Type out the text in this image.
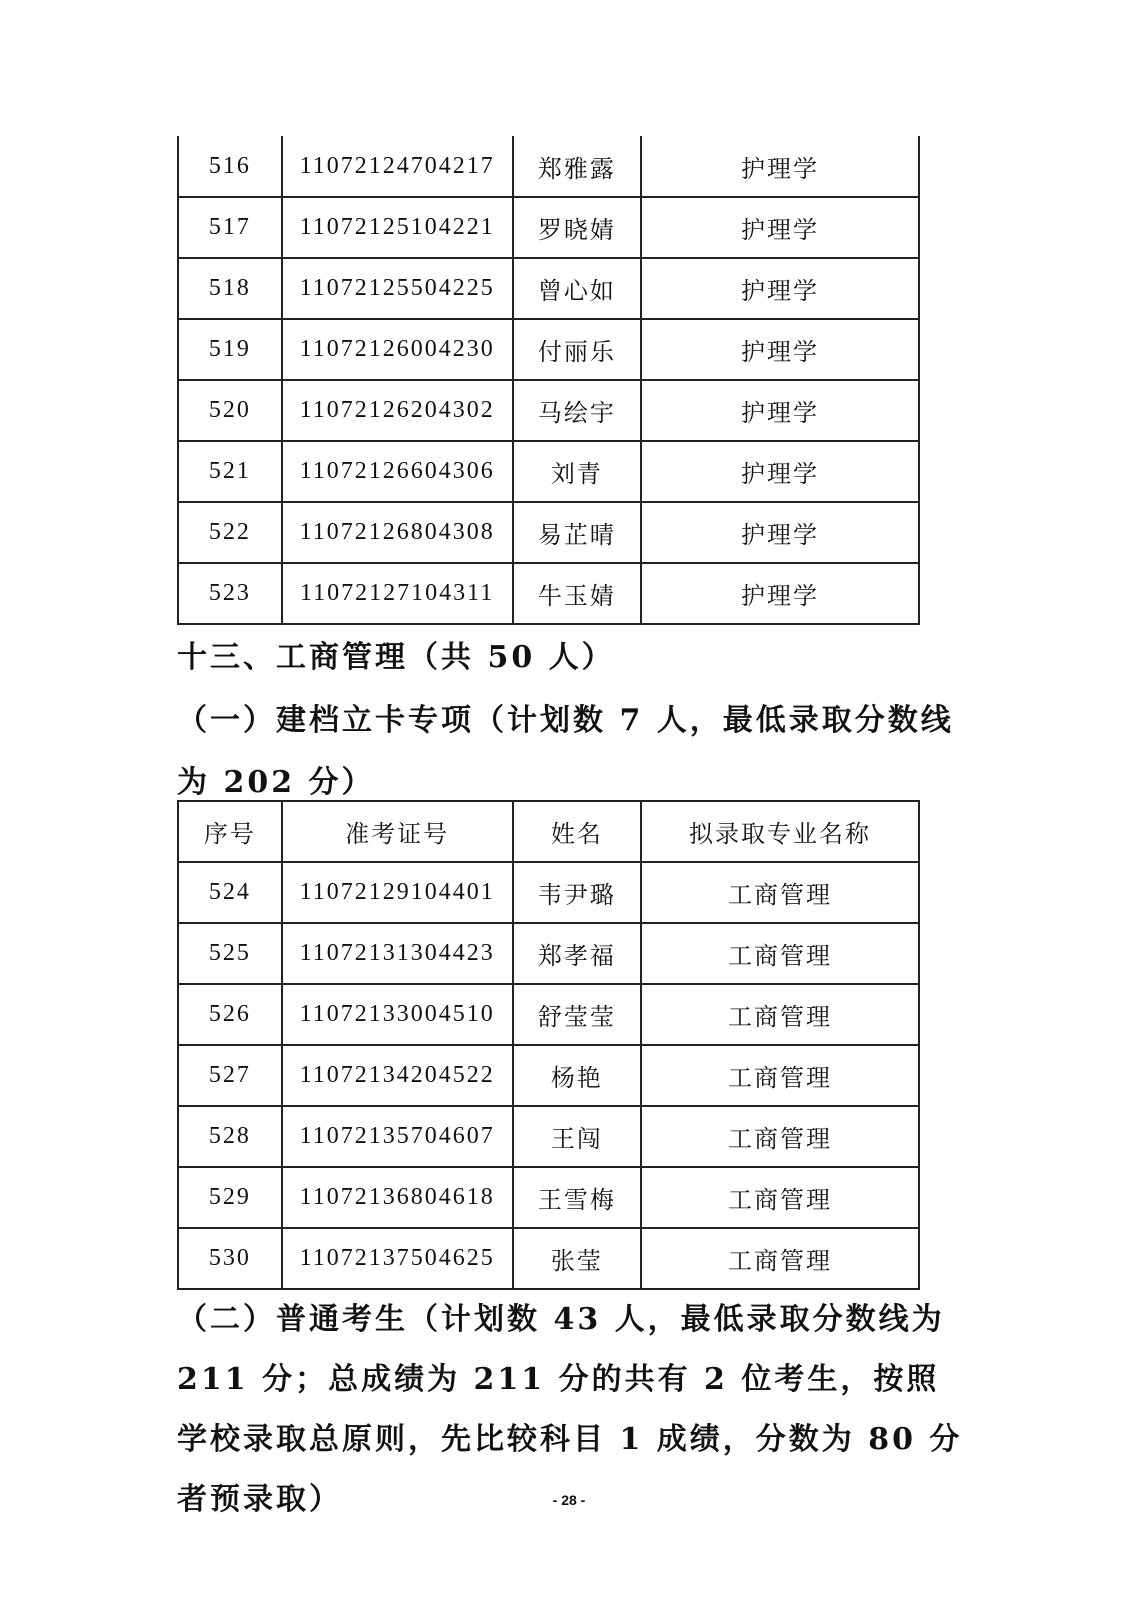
516	11072124704217	郑雅露	护理学
517	11072125104221	罗晓婧	护理学
518	11072125504225	曾心如	护理学
519	11072126004230	付丽乐	护理学
520	11072126204302	马绘宇	护理学
521	11072126604306	刘青	护理学
522	11072126804308	易芷晴	护理学
523	11072127104311	牛玉婧	护理学
十三、工商管理（共 50 人）
（一）建档立卡专项（计划数 7 人，最低录取分数线为 202 分）
序号	准考证号	姓名	拟录取专业名称
524	11072129104401	韦尹璐	工商管理
525	11072131304423	郑孝福	工商管理
526	11072133004510	舒莹莹	工商管理
527	11072134204522	杨艳	工商管理
528	11072135704607	王闯	工商管理
529	11072136804618	王雪梅	工商管理
530	11072137504625	张莹	工商管理
（二）普通考生（计划数 43 人，最低录取分数线为 211 分；总成绩为 211 分的共有 2 位考生，按照学校录取总原则，先比较科目 1 成绩，分数为 80 分者预录取）	- 28 -
